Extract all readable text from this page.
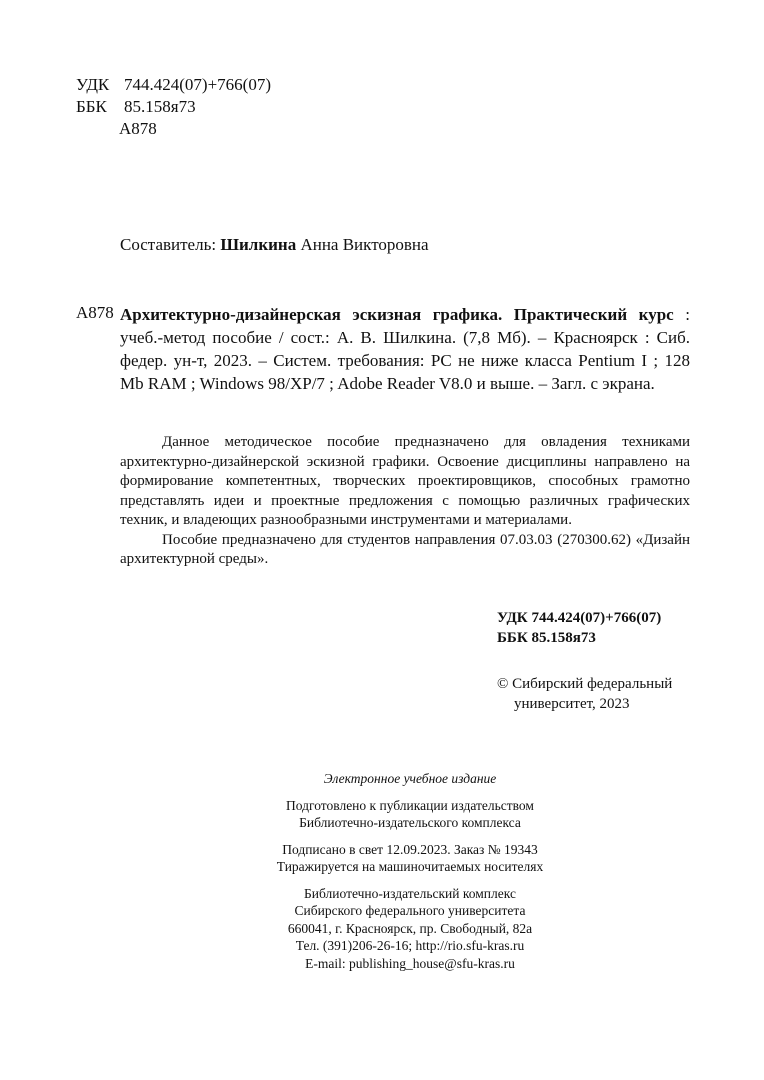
УДК 744.424(07)+766(07)
ББК 85.158я73
А878
Составитель: Шилкина Анна Викторовна
А878 Архитектурно-дизайнерская эскизная графика. Практический курс : учеб.-метод пособие / сост.: А. В. Шилкина. (7,8 Мб). – Красноярск : Сиб. федер. ун-т, 2023. – Систем. требования: PC не ниже класса Pentium I ; 128 Mb RAM ; Windows 98/XP/7 ; Adobe Reader V8.0 и выше. – Загл. с экрана.

Данное методическое пособие предназначено для овладения техниками архитектурно-дизайнерской эскизной графики. Освоение дисциплины направлено на формирование компетентных, творческих проектировщиков, способных грамотно представлять идеи и проектные предложения с помощью различных графических техник, и владеющих разнообразными инструментами и материалами.

Пособие предназначено для студентов направления 07.03.03 (270300.62) «Дизайн архитектурной среды».

УДК 744.424(07)+766(07)
ББК 85.158я73
© Сибирский федеральный
университет, 2023
Электронное учебное издание
Подготовлено к публикации издательством
Библиотечно-издательского комплекса
Подписано в свет 12.09.2023. Заказ № 19343
Тиражируется на машиночитаемых носителях
Библиотечно-издательский комплекс
Сибирского федерального университета
660041, г. Красноярск, пр. Свободный, 82а
Тел. (391)206-26-16; http://rio.sfu-kras.ru
E-mail: publishing_house@sfu-kras.ru
